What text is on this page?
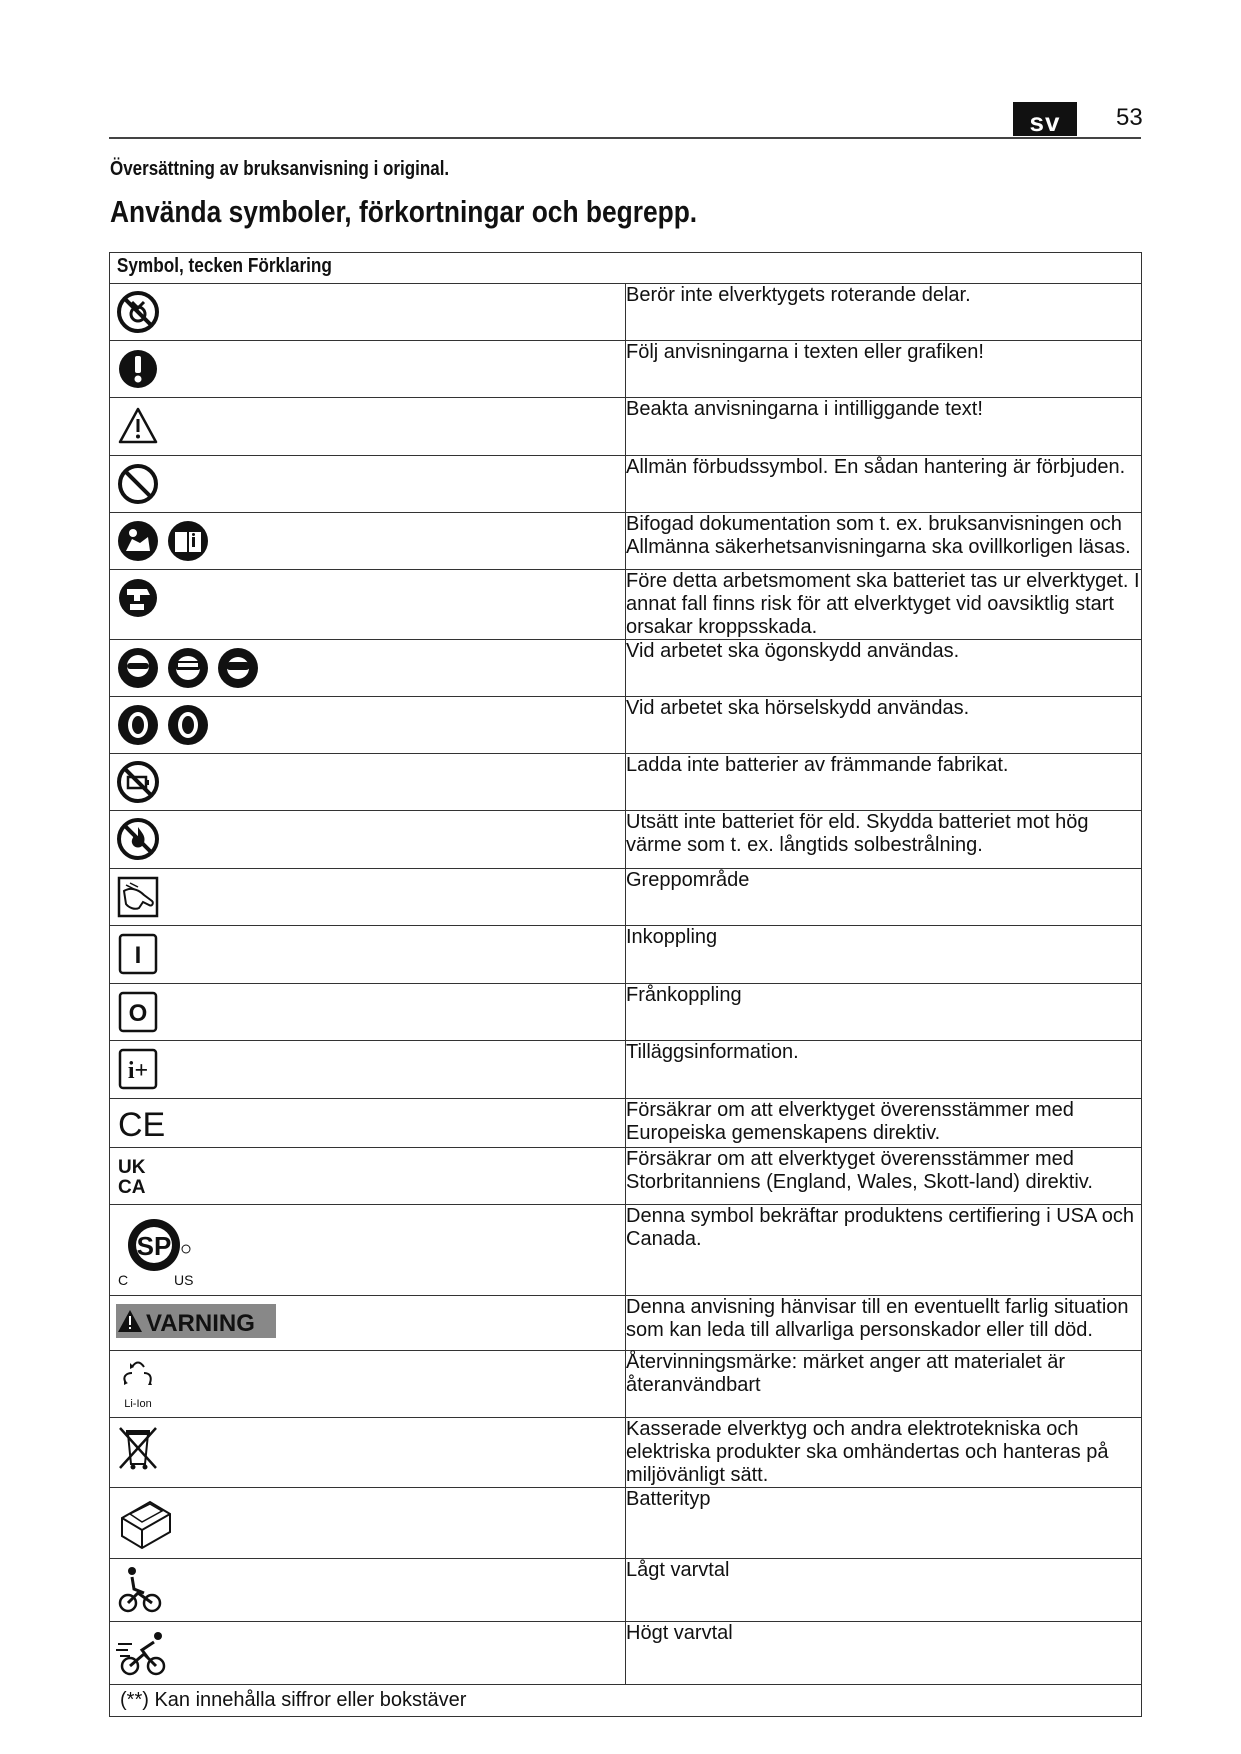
sv	53
Översättning av bruksanvisning i original.
Använda symboler, förkortningar och begrepp.
Symbol, tecken Förklaring	

	Berör inte elverktygets roterande delar.

	Följ anvisningarna i texten eller grafiken!

	Beakta anvisningarna i intilliggande text!

	Allmän förbudssymbol. En sådan hantering är förbjuden.

	Bifogad dokumentation som t. ex. bruksanvisningen och Allmänna säkerhetsanvisningarna ska ovillkorligen läsas.

	Före detta arbetsmoment ska batteriet tas ur elverktyget. I annat fall finns risk för att elverktyget vid oavsiktlig start orsakar kroppsskada.

	Vid arbetet ska ögonskydd användas.

	Vid arbetet ska hörselskydd användas.

	Ladda inte batterier av främmande fabrikat.

	Utsätt inte batteriet för eld. Skydda batteriet mot hög värme som t. ex. långtids solbestrålning.

	Greppområde

I	Inkoppling

O	Frånkoppling

i+	Tilläggsinformation.

CE	Försäkrar om att elverktyget överensstämmer med Europeiska gemenskapens direktiv.

UK
CA	Försäkrar om att elverktyget överensstämmer med Storbritanniens (England, Wales, Skott-land) direktiv.

SP
C US	Denna symbol bekräftar produktens certifiering i USA och Canada.

VARNING	Denna anvisning hänvisar till en eventuellt farlig situation som kan leda till allvarliga personskador eller till död.

Li-Ion	Återvinningsmärke: märket anger att materialet är återanvändbart

	Kasserade elverktyg och andra elektrotekniska och elektriska produkter ska omhändertas och hanteras på miljövänligt sätt.

	Batterityp

	Lågt varvtal

	Högt varvtal

(**) Kan innehålla siffror eller bokstäver	
